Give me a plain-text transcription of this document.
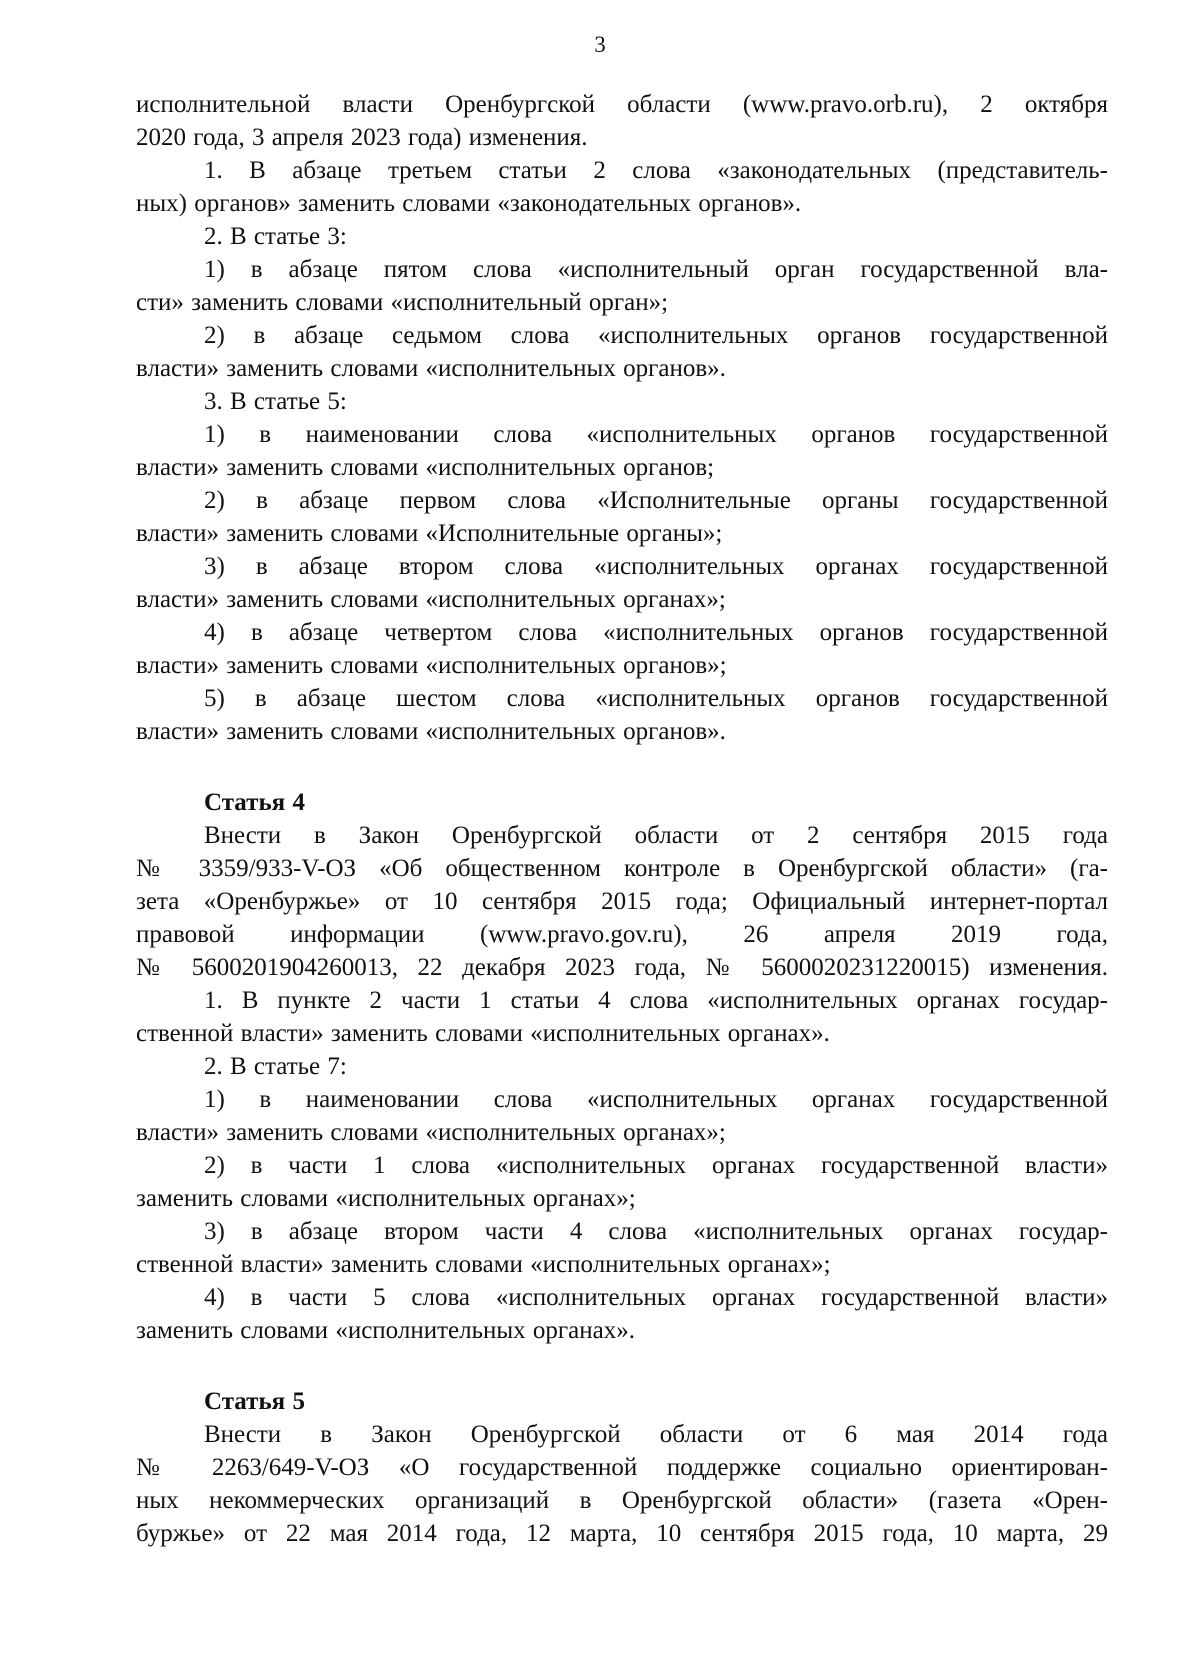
3
исполнительной власти Оренбургской области (www.pravo.orb.ru), 2 октября
2020 года, 3 апреля 2023 года) изменения.
1. В абзаце третьем статьи 2 слова «законодательных (представитель-
ных) органов» заменить словами «законодательных органов».
2. В статье 3:
1) в абзаце пятом слова «исполнительный орган государственной вла-
сти» заменить словами «исполнительный орган»;
2) в абзаце седьмом слова «исполнительных органов государственной
власти» заменить словами «исполнительных органов».
3. В статье 5:
1) в наименовании слова «исполнительных органов государственной
власти» заменить словами «исполнительных органов;
2) в абзаце первом слова «Исполнительные органы государственной
власти» заменить словами «Исполнительные органы»;
3) в абзаце втором слова «исполнительных органах государственной
власти» заменить словами «исполнительных органах»;
4) в абзаце четвертом слова «исполнительных органов государственной
власти» заменить словами «исполнительных органов»;
5) в абзаце шестом слова «исполнительных органов государственной
власти» заменить словами «исполнительных органов».
Статья 4
Внести в Закон Оренбургской области от 2 сентября 2015 года
№ 3359/933-V-ОЗ «Об общественном контроле в Оренбургской области» (га-
зета «Оренбуржье» от 10 сентября 2015 года; Официальный интернет-портал
правовой информации (www.pravo.gov.ru), 26 апреля 2019 года,
№ 5600201904260013, 22 декабря 2023 года, № 5600020231220015) изменения.
1. В пункте 2 части 1 статьи 4 слова «исполнительных органах государ-
ственной власти» заменить словами «исполнительных органах».
2. В статье 7:
1) в наименовании слова «исполнительных органах государственной
власти» заменить словами «исполнительных органах»;
2) в части 1 слова «исполнительных органах государственной власти»
заменить словами «исполнительных органах»;
3) в абзаце втором части 4 слова «исполнительных органах государ-
ственной власти» заменить словами «исполнительных органах»;
4) в части 5 слова «исполнительных органах государственной власти»
заменить словами «исполнительных органах».
Статья 5
Внести в Закон Оренбургской области от 6 мая 2014 года
№ 2263/649-V-ОЗ «О государственной поддержке социально ориентирован-
ных некоммерческих организаций в Оренбургской области» (газета «Орен-
буржье» от 22 мая 2014 года, 12 марта, 10 сентября 2015 года, 10 марта, 29
